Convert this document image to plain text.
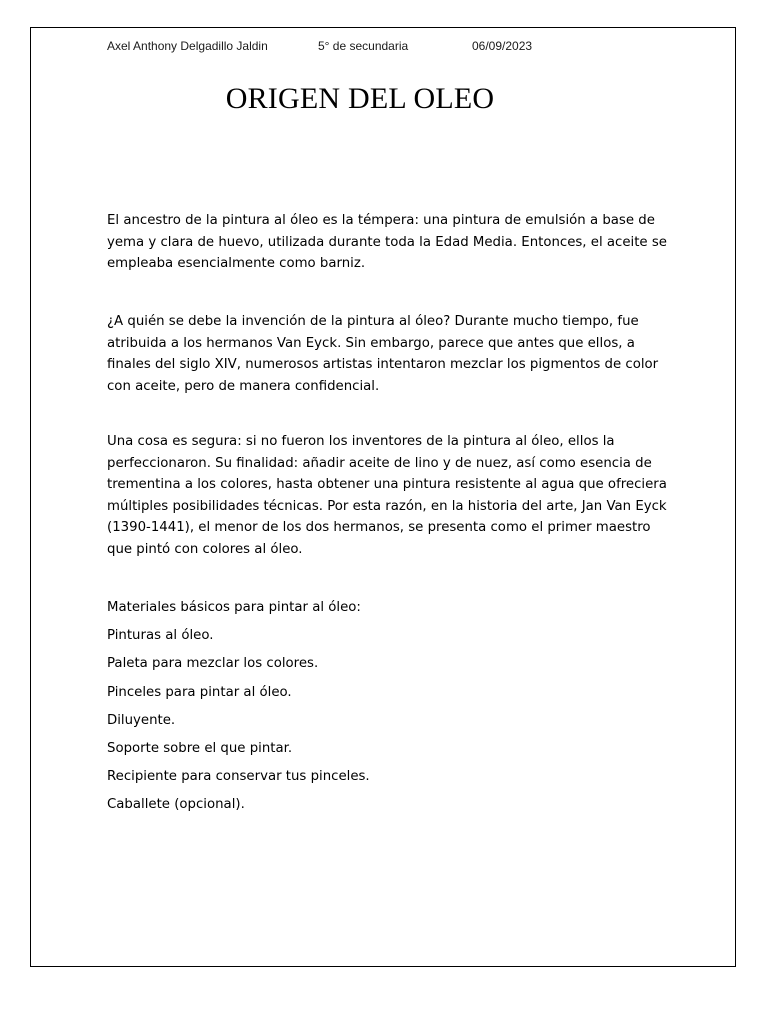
Axel Anthony Delgadillo Jaldin	5° de secundaria	06/09/2023
ORIGEN DEL OLEO

El ancestro de la pintura al óleo es la témpera: una pintura de emulsión a base de yema y clara de huevo, utilizada durante toda la Edad Media. Entonces, el aceite se empleaba esencialmente como barniz.

¿A quién se debe la invención de la pintura al óleo? Durante mucho tiempo, fue atribuida a los hermanos Van Eyck. Sin embargo, parece que antes que ellos, a finales del siglo XIV, numerosos artistas intentaron mezclar los pigmentos de color con aceite, pero de manera confidencial.

Una cosa es segura: si no fueron los inventores de la pintura al óleo, ellos la perfeccionaron. Su finalidad: añadir aceite de lino y de nuez, así como esencia de trementina a los colores, hasta obtener una pintura resistente al agua que ofreciera múltiples posibilidades técnicas. Por esta razón, en la historia del arte, Jan Van Eyck (1390-1441), el menor de los dos hermanos, se presenta como el primer maestro que pintó con colores al óleo.

Materiales básicos para pintar al óleo:
Pinturas al óleo.
Paleta para mezclar los colores.
Pinceles para pintar al óleo.
Diluyente.
Soporte sobre el que pintar.
Recipiente para conservar tus pinceles.
Caballete (opcional).
